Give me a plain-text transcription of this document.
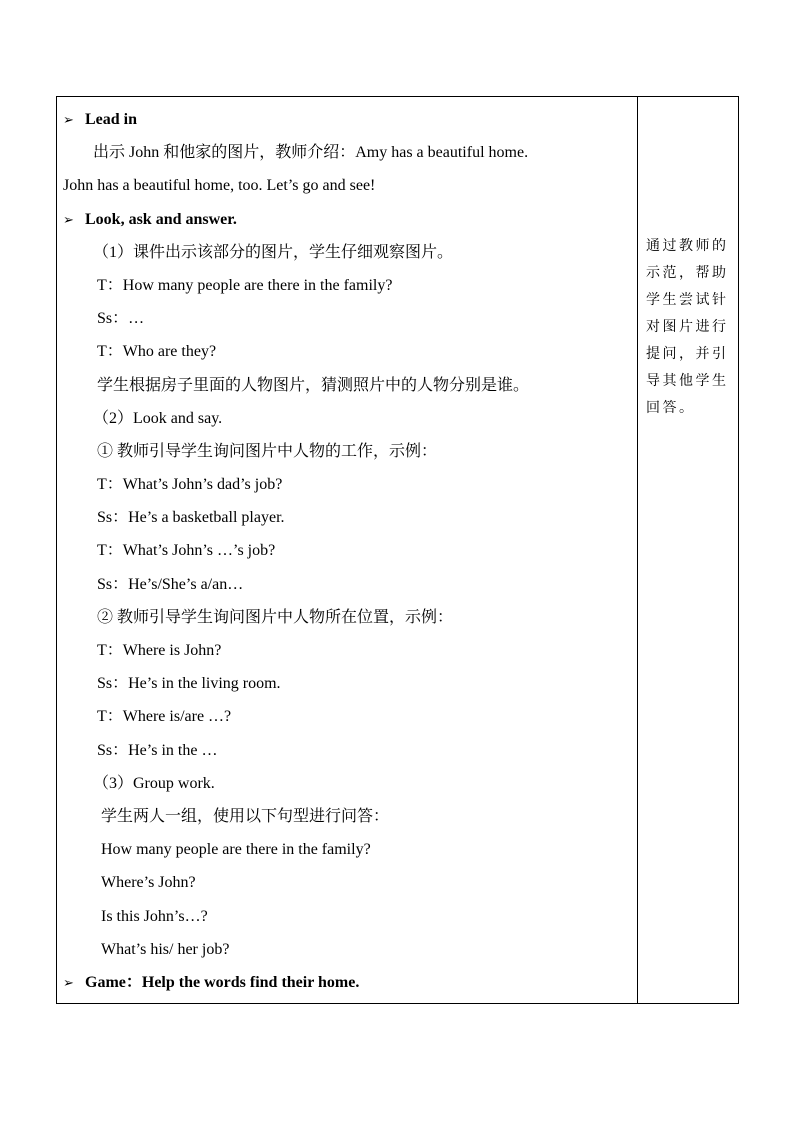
➢ Lead in
出示 John 和他家的图片，教师介绍：Amy has a beautiful home.
John has a beautiful home, too. Let’s go and see!
➢ Look, ask and answer.
（1）课件出示该部分的图片，学生仔细观察图片。
T：How many people are there in the family?
Ss：…
T：Who are they?
学生根据房子里面的人物图片，猜测照片中的人物分别是谁。
（2）Look and say.
① 教师引导学生询问图片中人物的工作，示例：
T：What’s John’s dad’s job?
Ss：He’s a basketball player.
T：What’s John’s …’s job?
Ss：He’s/She’s a/an…
② 教师引导学生询问图片中人物所在位置，示例：
T：Where is John?
Ss：He’s in the living room.
T：Where is/are …?
Ss：He’s in the …
（3）Group work.
学生两人一组，使用以下句型进行问答：
How many people are there in the family?
Where’s John?
Is this John’s…?
What’s his/ her job?
➢ Game：Help the words find their home.

通过教师的
示范，帮助
学生尝试针
对图片进行
提问，并引
导其他学生
回答。
